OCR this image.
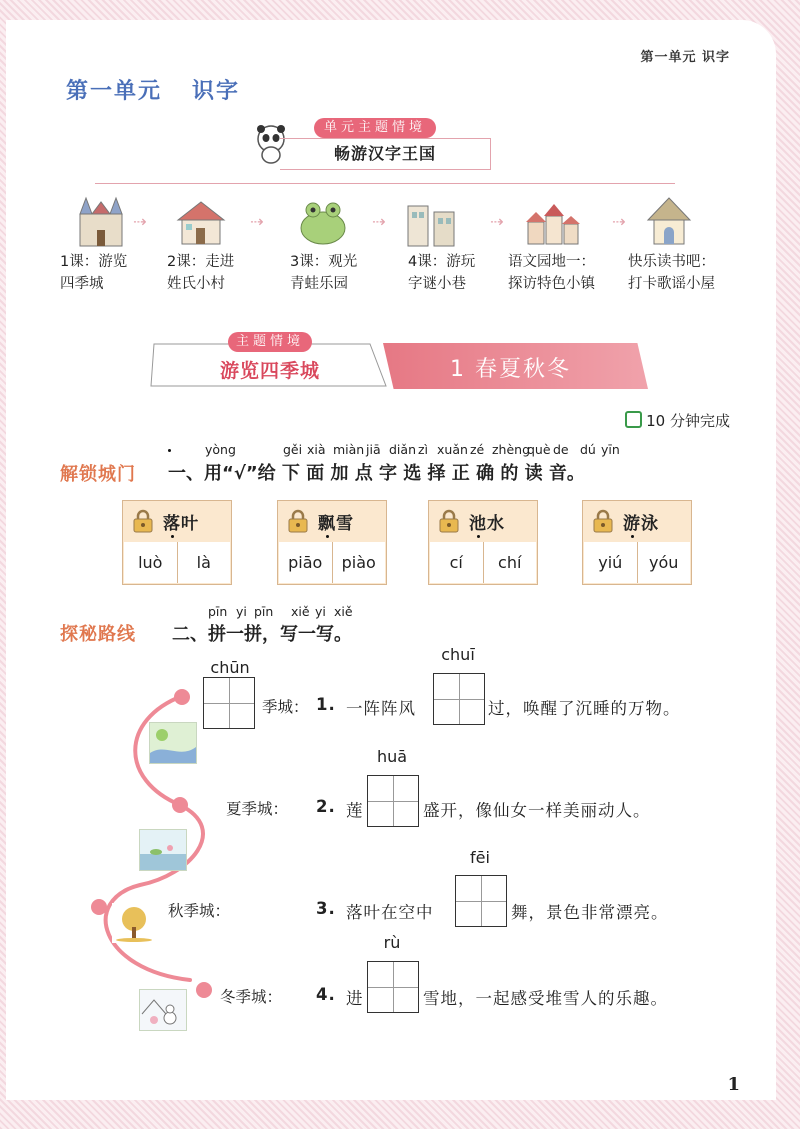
第一单元 识字
第一单元 识字
单元主题情境
畅游汉字王国
⇢	⇢	⇢	⇢	⇢
1课：游览
四季城
2课：走进
姓氏小村
3课：观光
青蛙乐园
4课：游玩
字谜小巷
语文园地一：
探访特色小镇
快乐读书吧：
打卡歌谣小屋
主题情境
游览四季城	1 春夏秋冬
10 分钟完成
解锁城门
yòng	gěi xià miàn jiā diǎn zì xuǎn zé zhèng
què de dú yīn
一、用“√”给 下 面 加 点 字 选 择 正 确 的 读 音。
落叶
luò	là
飘雪
piāo	piào
池水
cí	chí
游泳
yiú	yóu
探秘路线
pīn yi pīn xiě yi xiě
二、拼一拼，写一写。
chūn
季城： 1. 一阵阵风
chuī
过，唤醒了沉睡的万物。
夏季城： 2. 莲
huā
盛开，像仙女一样美丽动人。
秋季城：	3. 落叶在空中
fēi
舞，景色非常漂亮。
冬季城： 4. 进
rù
雪地，一起感受堆雪人的乐趣。
1
